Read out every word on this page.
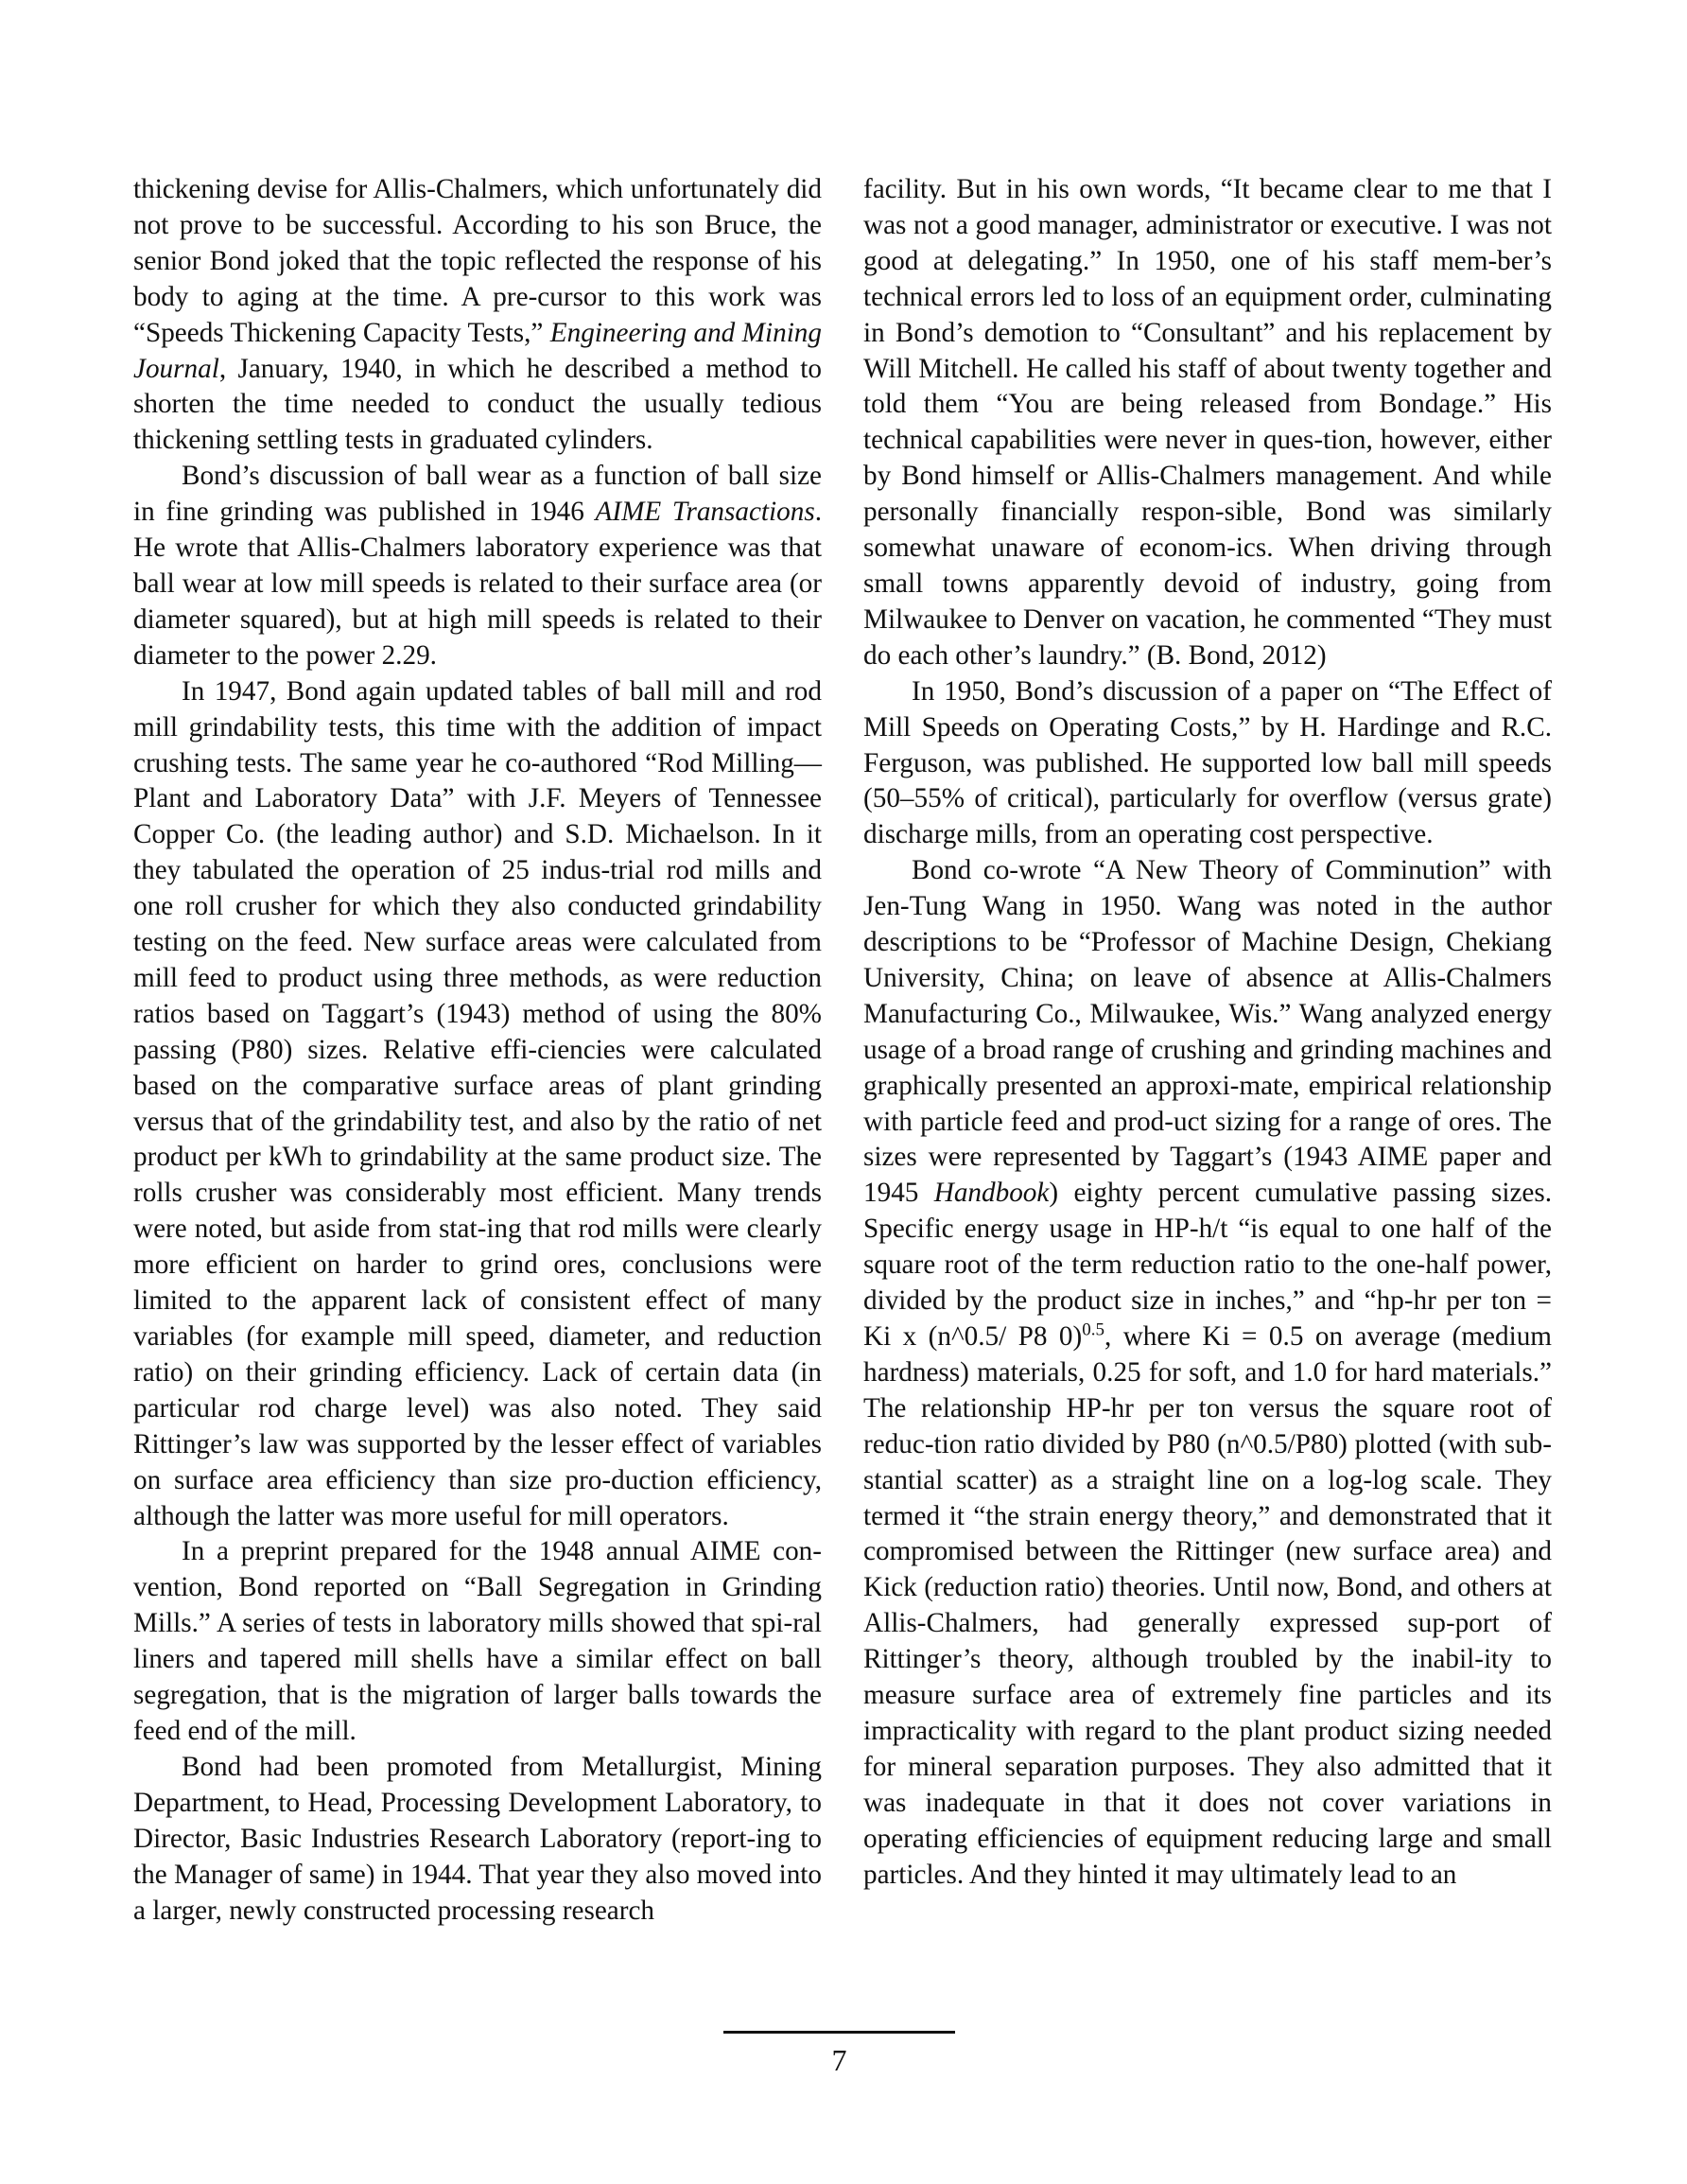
thickening devise for Allis-Chalmers, which unfortunately did not prove to be successful. According to his son Bruce, the senior Bond joked that the topic reflected the response of his body to aging at the time. A pre-cursor to this work was “Speeds Thickening Capacity Tests,” Engineering and Mining Journal, January, 1940, in which he described a method to shorten the time needed to conduct the usually tedious thickening settling tests in graduated cylinders.

Bond’s discussion of ball wear as a function of ball size in fine grinding was published in 1946 AIME Transactions. He wrote that Allis-Chalmers laboratory experience was that ball wear at low mill speeds is related to their surface area (or diameter squared), but at high mill speeds is related to their diameter to the power 2.29.

In 1947, Bond again updated tables of ball mill and rod mill grindability tests, this time with the addition of impact crushing tests. The same year he co-authored “Rod Milling—Plant and Laboratory Data” with J.F. Meyers of Tennessee Copper Co. (the leading author) and S.D. Michaelson. In it they tabulated the operation of 25 indus-trial rod mills and one roll crusher for which they also conducted grindability testing on the feed. New surface areas were calculated from mill feed to product using three methods, as were reduction ratios based on Taggart’s (1943) method of using the 80% passing (P80) sizes. Relative effi-ciencies were calculated based on the comparative surface areas of plant grinding versus that of the grindability test, and also by the ratio of net product per kWh to grindability at the same product size. The rolls crusher was considerably most efficient. Many trends were noted, but aside from stat-ing that rod mills were clearly more efficient on harder to grind ores, conclusions were limited to the apparent lack of consistent effect of many variables (for example mill speed, diameter, and reduction ratio) on their grinding efficiency. Lack of certain data (in particular rod charge level) was also noted. They said Rittinger’s law was supported by the lesser effect of variables on surface area efficiency than size pro-duction efficiency, although the latter was more useful for mill operators.

In a preprint prepared for the 1948 annual AIME con-vention, Bond reported on “Ball Segregation in Grinding Mills.” A series of tests in laboratory mills showed that spi-ral liners and tapered mill shells have a similar effect on ball segregation, that is the migration of larger balls towards the feed end of the mill.

Bond had been promoted from Metallurgist, Mining Department, to Head, Processing Development Laboratory, to Director, Basic Industries Research Laboratory (report-ing to the Manager of same) in 1944. That year they also moved into a larger, newly constructed processing research

facility. But in his own words, “It became clear to me that I was not a good manager, administrator or executive. I was not good at delegating.” In 1950, one of his staff mem-ber’s technical errors led to loss of an equipment order, culminating in Bond’s demotion to “Consultant” and his replacement by Will Mitchell. He called his staff of about twenty together and told them “You are being released from Bondage.” His technical capabilities were never in ques-tion, however, either by Bond himself or Allis-Chalmers management. And while personally financially respon-sible, Bond was similarly somewhat unaware of econom-ics. When driving through small towns apparently devoid of industry, going from Milwaukee to Denver on vacation, he commented “They must do each other’s laundry.” (B. Bond, 2012)

In 1950, Bond’s discussion of a paper on “The Effect of Mill Speeds on Operating Costs,” by H. Hardinge and R.C. Ferguson, was published. He supported low ball mill speeds (50–55% of critical), particularly for overflow (versus grate) discharge mills, from an operating cost perspective.

Bond co-wrote “A New Theory of Comminution” with Jen-Tung Wang in 1950. Wang was noted in the author descriptions to be “Professor of Machine Design, Chekiang University, China; on leave of absence at Allis-Chalmers Manufacturing Co., Milwaukee, Wis.” Wang analyzed energy usage of a broad range of crushing and grinding machines and graphically presented an approxi-mate, empirical relationship with particle feed and prod-uct sizing for a range of ores. The sizes were represented by Taggart’s (1943 AIME paper and 1945 Handbook) eighty percent cumulative passing sizes. Specific energy usage in HP-h/t “is equal to one half of the square root of the term reduction ratio to the one-half power, divided by the product size in inches,” and “hp-hr per ton = Ki x (n^0.5/ P8 0)$^{0.5}$, where Ki = 0.5 on average (medium hardness) materials, 0.25 for soft, and 1.0 for hard materials.” The relationship HP-hr per ton versus the square root of reduc-tion ratio divided by P80 (n^0.5/P80) plotted (with sub-stantial scatter) as a straight line on a log-log scale. They termed it “the strain energy theory,” and demonstrated that it compromised between the Rittinger (new surface area) and Kick (reduction ratio) theories. Until now, Bond, and others at Allis-Chalmers, had generally expressed sup-port of Rittinger’s theory, although troubled by the inabil-ity to measure surface area of extremely fine particles and its impracticality with regard to the plant product sizing needed for mineral separation purposes. They also admitted that it was inadequate in that it does not cover variations in operating efficiencies of equipment reducing large and small particles. And they hinted it may ultimately lead to an

7
